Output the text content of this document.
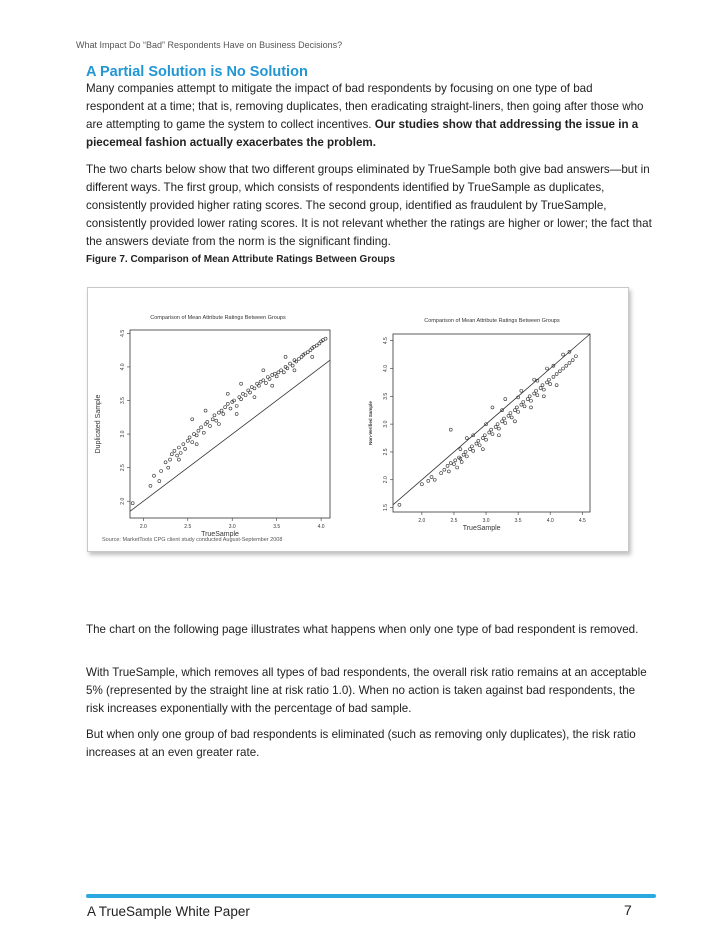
What Impact Do “Bad” Respondents Have on Business Decisions?
A Partial Solution is No Solution

Many companies attempt to mitigate the impact of bad respondents by focusing on one type of bad respondent at a time; that is, removing duplicates, then eradicating straight-liners, then going after those who are attempting to game the system to collect incentives. Our studies show that addressing the issue in a piecemeal fashion actually exacerbates the problem.

The two charts below show that two different groups eliminated by TrueSample both give bad answers—but in different ways. The first group, which consists of respondents identified by TrueSample as duplicates, consistently provided higher rating scores. The second group, identified as fraudulent by TrueSample, consistently provided lower rating scores. It is not relevant whether the ratings are higher or lower; the fact that the answers deviate from the norm is the significant finding.

Figure 7. Comparison of Mean Attribute Ratings Between Groups
Comparison of Mean Attribute Ratings Between Groups
2.0	2.5	3.0	3.5	4.0
2.0
2.5
3.0
3.5
4.0
4.5
TrueSample
Duplicated Sample
Comparison of Mean Attribute Ratings Between Groups
2.0	2.5	3.0	3.5	4.0	4.5
1.5
2.0
2.5
3.0
3.5
4.0
4.5
TrueSample
Non-Verified Sample
Source: MarketTools CPG client study conducted August-September 2008

The chart on the following page illustrates what happens when only one type of bad respondent is removed.

With TrueSample, which removes all types of bad respondents, the overall risk ratio remains at an acceptable 5% (represented by the straight line at risk ratio 1.0). When no action is taken against bad respondents, the risk increases exponentially with the percentage of bad sample.

But when only one group of bad respondents is eliminated (such as removing only duplicates), the risk ratio increases at an even greater rate.

A TrueSample White Paper	7
